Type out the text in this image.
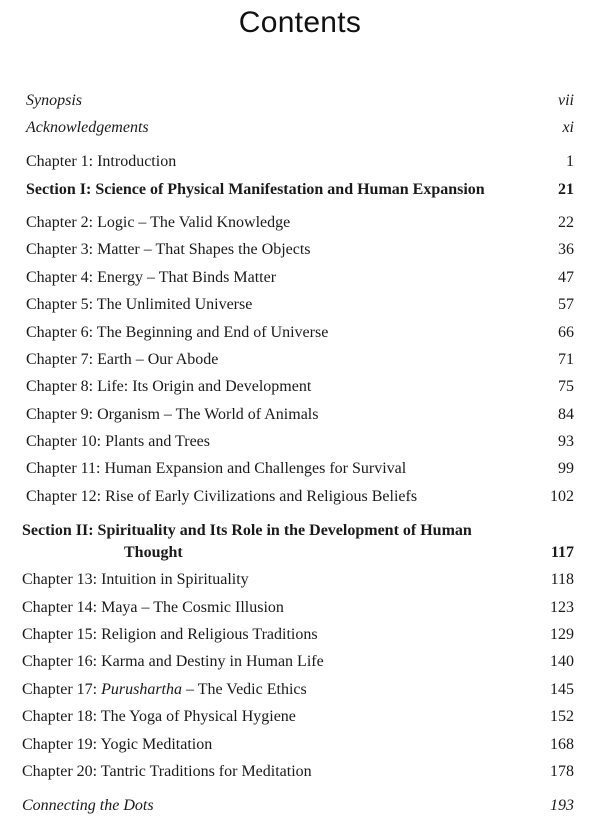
Contents
Synopsis	vii
Acknowledgements	xi
Chapter 1: Introduction	1
Section I: Science of Physical Manifestation and Human Expansion	21
Chapter 2: Logic – The Valid Knowledge	22
Chapter 3: Matter – That Shapes the Objects	36
Chapter 4: Energy – That Binds Matter	47
Chapter 5: The Unlimited Universe	57
Chapter 6: The Beginning and End of Universe	66
Chapter 7: Earth – Our Abode	71
Chapter 8: Life: Its Origin and Development	75
Chapter 9: Organism – The World of Animals	84
Chapter 10: Plants and Trees	93
Chapter 11: Human Expansion and Challenges for Survival	99
Chapter 12: Rise of Early Civilizations and Religious Beliefs	102
Section II: Spirituality and Its Role in the Development of Human
Thought	117
Chapter 13: Intuition in Spirituality	118
Chapter 14: Maya – The Cosmic Illusion	123
Chapter 15: Religion and Religious Traditions	129
Chapter 16: Karma and Destiny in Human Life	140
Chapter 17: Purushartha – The Vedic Ethics	145
Chapter 18: The Yoga of Physical Hygiene	152
Chapter 19: Yogic Meditation	168
Chapter 20: Tantric Traditions for Meditation	178
Connecting the Dots	193
